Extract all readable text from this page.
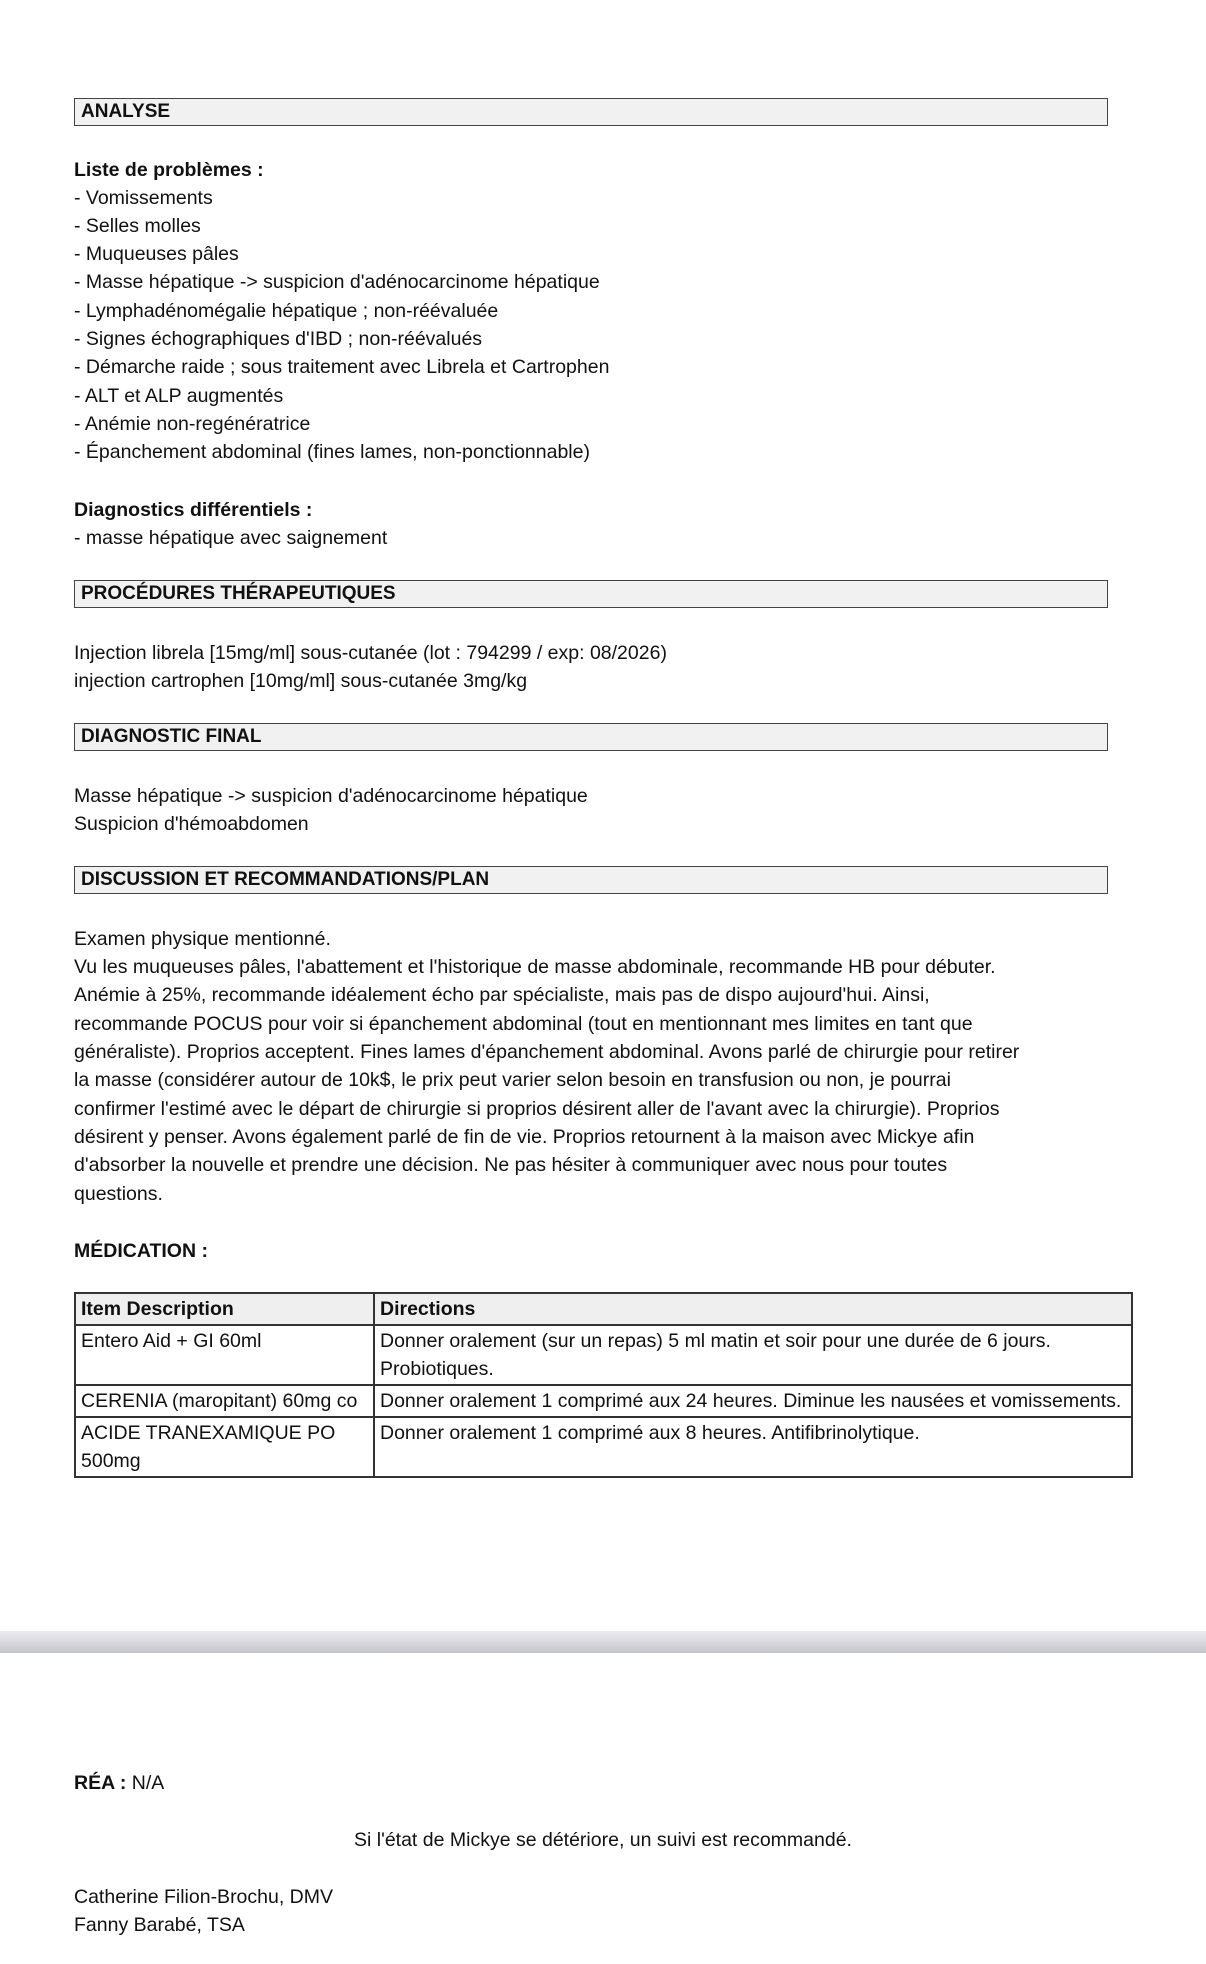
ANALYSE
Liste de problèmes :
- Vomissements
- Selles molles
- Muqueuses pâles
- Masse hépatique -> suspicion d'adénocarcinome hépatique
- Lymphadénomégalie hépatique ; non-réévaluée
- Signes échographiques d'IBD ; non-réévalués
- Démarche raide ; sous traitement avec Librela et Cartrophen
- ALT et ALP augmentés
- Anémie non-regénératrice
- Épanchement abdominal (fines lames, non-ponctionnable)
Diagnostics différentiels :
- masse hépatique avec saignement
PROCÉDURES THÉRAPEUTIQUES
Injection librela [15mg/ml] sous-cutanée (lot : 794299 / exp: 08/2026)
injection cartrophen [10mg/ml] sous-cutanée 3mg/kg
DIAGNOSTIC FINAL
Masse hépatique -> suspicion d'adénocarcinome hépatique
Suspicion d'hémoabdomen
DISCUSSION ET RECOMMANDATIONS/PLAN
Examen physique mentionné.
Vu les muqueuses pâles, l'abattement et l'historique de masse abdominale, recommande HB pour débuter.
Anémie à 25%, recommande idéalement écho par spécialiste, mais pas de dispo aujourd'hui. Ainsi,
recommande POCUS pour voir si épanchement abdominal (tout en mentionnant mes limites en tant que
généraliste). Proprios acceptent. Fines lames d'épanchement abdominal. Avons parlé de chirurgie pour retirer
la masse (considérer autour de 10k$, le prix peut varier selon besoin en transfusion ou non, je pourrai
confirmer l'estimé avec le départ de chirurgie si proprios désirent aller de l'avant avec la chirurgie). Proprios
désirent y penser. Avons également parlé de fin de vie. Proprios retournent à la maison avec Mickye afin
d'absorber la nouvelle et prendre une décision. Ne pas hésiter à communiquer avec nous pour toutes
questions.
MÉDICATION :
Item Description	Directions
Entero Aid + GI 60ml	Donner oralement (sur un repas) 5 ml matin et soir pour une durée de 6 jours. Probiotiques.
CERENIA (maropitant) 60mg co	Donner oralement 1 comprimé aux 24 heures. Diminue les nausées et vomissements.
ACIDE TRANEXAMIQUE PO 500mg	Donner oralement 1 comprimé aux 8 heures. Antifibrinolytique.
RÉA : N/A
Si l'état de Mickye se détériore, un suivi est recommandé.
Catherine Filion-Brochu, DMV
Fanny Barabé, TSA
